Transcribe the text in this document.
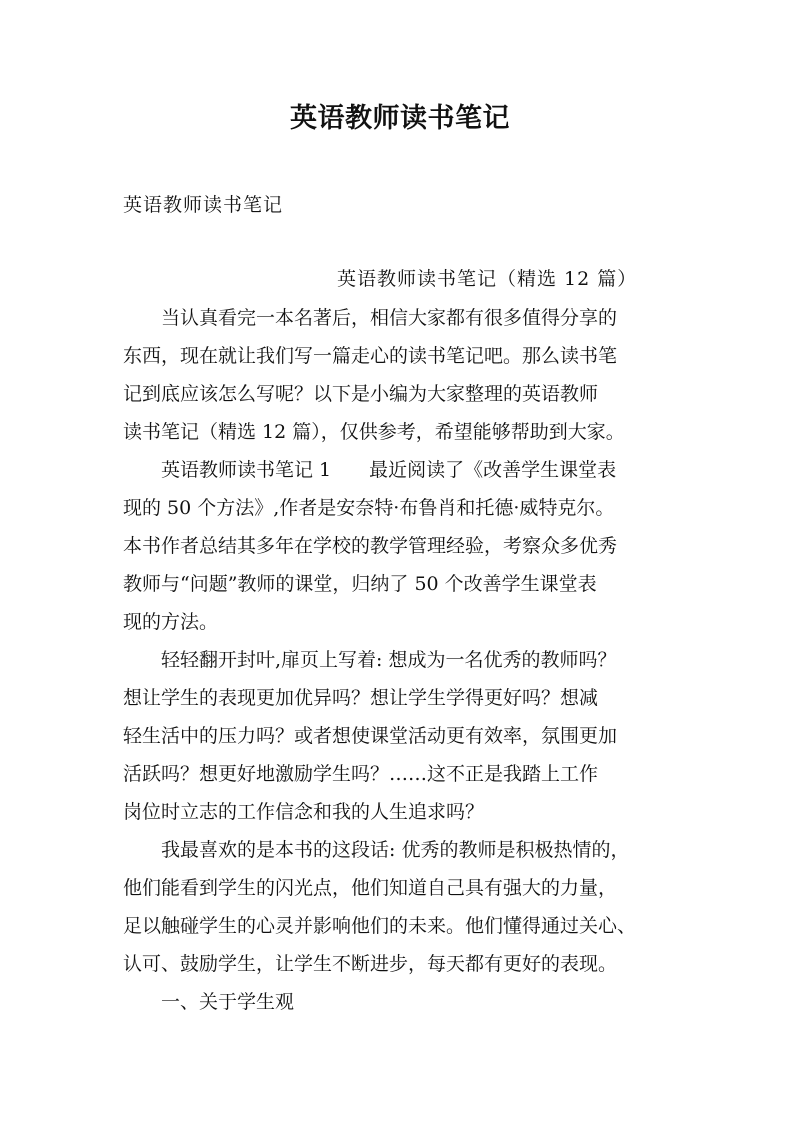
英语教师读书笔记
英语教师读书笔记
英语教师读书笔记（精选 12 篇）
　　当认真看完一本名著后，相信大家都有很多值得分享的
东西，现在就让我们写一篇走心的读书笔记吧。那么读书笔
记到底应该怎么写呢？以下是小编为大家整理的英语教师
读书笔记（精选 12 篇），仅供参考，希望能够帮助到大家。
　　英语教师读书笔记 1　　最近阅读了《改善学生课堂表
现的 50 个方法》,作者是安奈特·布鲁肖和托德·威特克尔。
本书作者总结其多年在学校的教学管理经验，考察众多优秀
教师与“问题”教师的课堂，归纳了 50 个改善学生课堂表
现的方法。
　　轻轻翻开封叶,扉页上写着: 想成为一名优秀的教师吗？
想让学生的表现更加优异吗？想让学生学得更好吗？想减
轻生活中的压力吗？或者想使课堂活动更有效率，氛围更加
活跃吗？想更好地激励学生吗？……这不正是我踏上工作
岗位时立志的工作信念和我的人生追求吗？
　　我最喜欢的是本书的这段话: 优秀的教师是积极热情的，
他们能看到学生的闪光点，他们知道自己具有强大的力量，
足以触碰学生的心灵并影响他们的未来。他们懂得通过关心、
认可、鼓励学生，让学生不断进步，每天都有更好的表现。
　　一、关于学生观
